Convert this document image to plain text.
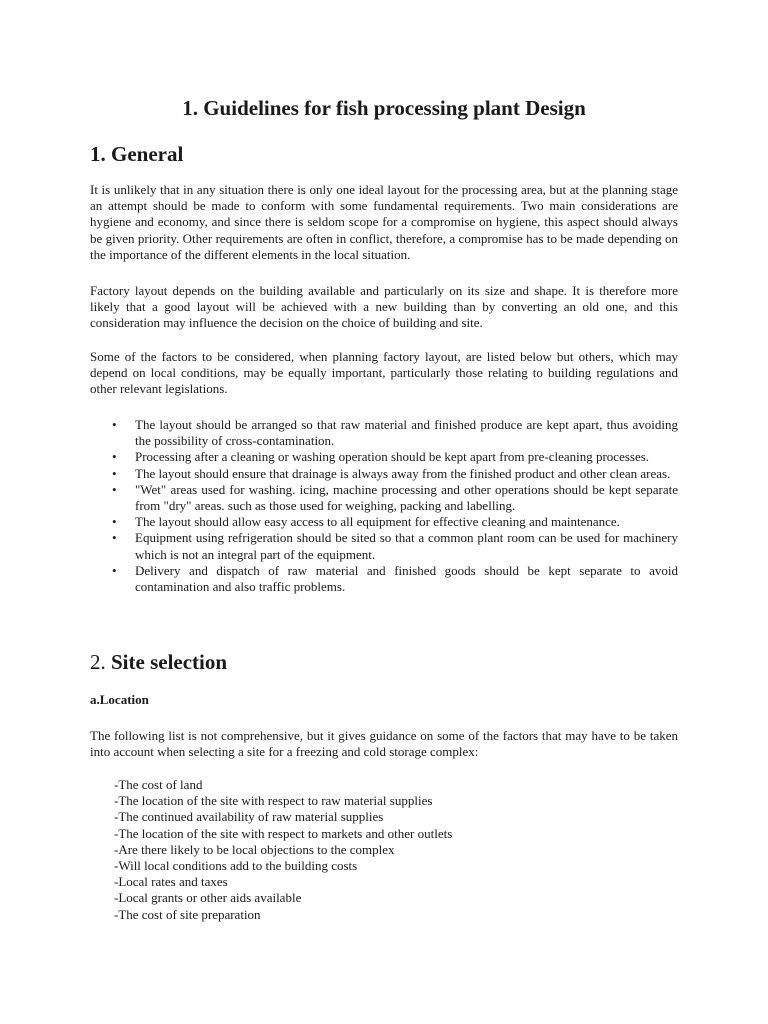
1. Guidelines for fish processing plant Design
1. General

It is unlikely that in any situation there is only one ideal layout for the processing area, but at the planning stage an attempt should be made to conform with some fundamental requirements. Two main considerations are hygiene and economy, and since there is seldom scope for a compromise on hygiene, this aspect should always be given priority. Other requirements are often in conflict, therefore, a compromise has to be made depending on the importance of the different elements in the local situation.

Factory layout depends on the building available and particularly on its size and shape. It is therefore more likely that a good layout will be achieved with a new building than by converting an old one, and this consideration may influence the decision on the choice of building and site.

Some of the factors to be considered, when planning factory layout, are listed below but others, which may depend on local conditions, may be equally important, particularly those relating to building regulations and other relevant legislations.

• The layout should be arranged so that raw material and finished produce are kept apart, thus avoiding the possibility of cross-contamination.
• Processing after a cleaning or washing operation should be kept apart from pre-cleaning processes.
• The layout should ensure that drainage is always away from the finished product and other clean areas.
• "Wet" areas used for washing. icing, machine processing and other operations should be kept separate from "dry" areas. such as those used for weighing, packing and labelling.
• The layout should allow easy access to all equipment for effective cleaning and maintenance.
• Equipment using refrigeration should be sited so that a common plant room can be used for machinery which is not an integral part of the equipment.
• Delivery and dispatch of raw material and finished goods should be kept separate to avoid contamination and also traffic problems.
2. Site selection

a.Location

The following list is not comprehensive, but it gives guidance on some of the factors that may have to be taken into account when selecting a site for a freezing and cold storage complex:

-The cost of land
-The location of the site with respect to raw material supplies
-The continued availability of raw material supplies
-The location of the site with respect to markets and other outlets
-Are there likely to be local objections to the complex
-Will local conditions add to the building costs
-Local rates and taxes
-Local grants or other aids available
-The cost of site preparation
